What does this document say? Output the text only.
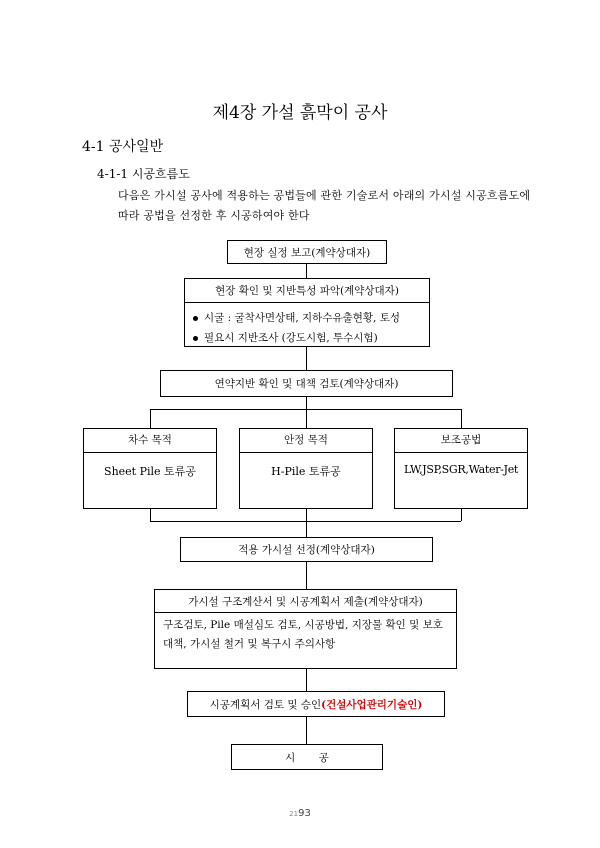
제4장 가설 흙막이 공사
4-1 공사일반
4-1-1 시공흐름도
다음은 가시설 공사에 적용하는 공법들에 관한 기술로서 아래의 가시설 시공흐름도에 따라 공법을 선정한 후 시공하여야 한다
현장 실정 보고(계약상대자)
현장 확인 및 지반특성 파악(계약상대자)
시굴 : 굴착사면상태, 지하수유출현황, 토성
필요시 지반조사 (강도시험, 투수시험)
연약지반 확인 및 대책 검토(계약상대자)
차수 목적
Sheet Pile 토류공
안정 목적
H-Pile 토류공
보조공법
LW,JSP,SGR,Water-Jet
적용 가시설 선정(계약상대자)
가시설 구조계산서 및 시공계획서 제출(계약상대자)
구조검토, Pile 매설심도 검토, 시공방법, 지장물 확인 및 보호대책, 가시설 철거 및 복구시 주의사항
시공계획서 검토 및 승인 (건설사업관리기술인)
시       공
2193
